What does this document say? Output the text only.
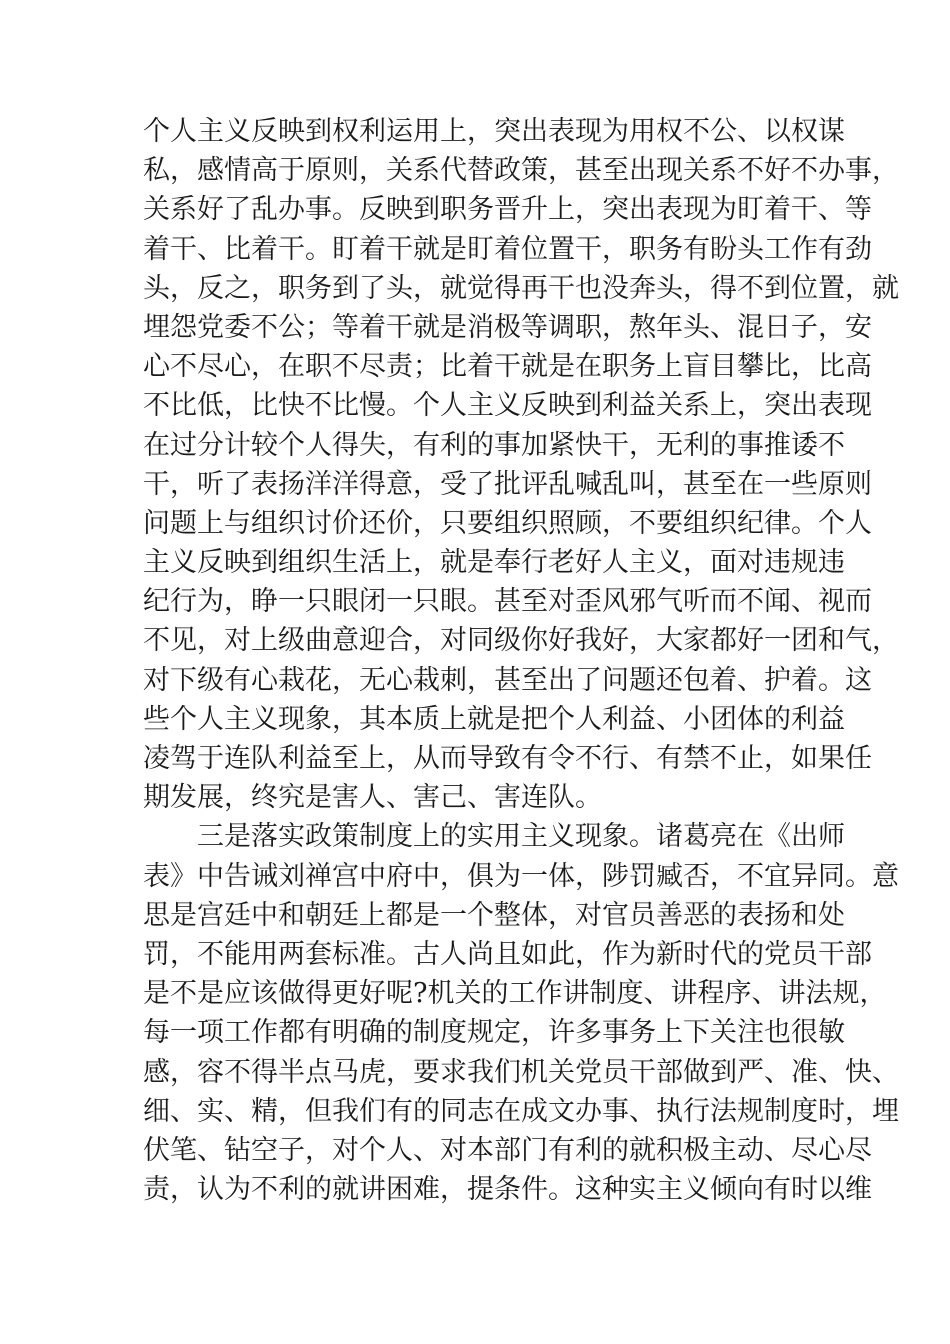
个人主义反映到权利运用上，突出表现为用权不公、以权谋
私，感情高于原则，关系代替政策，甚至出现关系不好不办事，
关系好了乱办事。反映到职务晋升上，突出表现为盯着干、等
着干、比着干。盯着干就是盯着位置干，职务有盼头工作有劲
头，反之，职务到了头，就觉得再干也没奔头，得不到位置，就
埋怨党委不公；等着干就是消极等调职，熬年头、混日子，安
心不尽心，在职不尽责；比着干就是在职务上盲目攀比，比高
不比低，比快不比慢。个人主义反映到利益关系上，突出表现
在过分计较个人得失，有利的事加紧快干，无利的事推诿不
干，听了表扬洋洋得意，受了批评乱喊乱叫，甚至在一些原则
问题上与组织讨价还价，只要组织照顾，不要组织纪律。个人
主义反映到组织生活上，就是奉行老好人主义，面对违规违
纪行为，睁一只眼闭一只眼。甚至对歪风邪气听而不闻、视而
不见，对上级曲意迎合，对同级你好我好，大家都好一团和气，
对下级有心栽花，无心栽刺，甚至出了问题还包着、护着。这
些个人主义现象，其本质上就是把个人利益、小团体的利益
凌驾于连队利益至上，从而导致有令不行、有禁不止，如果任
期发展，终究是害人、害己、害连队。
三是落实政策制度上的实用主义现象。诸葛亮在《出师
表》中告诫刘禅宫中府中，俱为一体，陟罚臧否，不宜异同。意
思是宫廷中和朝廷上都是一个整体，对官员善恶的表扬和处
罚，不能用两套标准。古人尚且如此，作为新时代的党员干部
是不是应该做得更好呢?机关的工作讲制度、讲程序、讲法规，
每一项工作都有明确的制度规定，许多事务上下关注也很敏
感，容不得半点马虎，要求我们机关党员干部做到严、准、快、
细、实、精，但我们有的同志在成文办事、执行法规制度时，埋
伏笔、钻空子，对个人、对本部门有利的就积极主动、尽心尽
责，认为不利的就讲困难，提条件。这种实主义倾向有时以维
